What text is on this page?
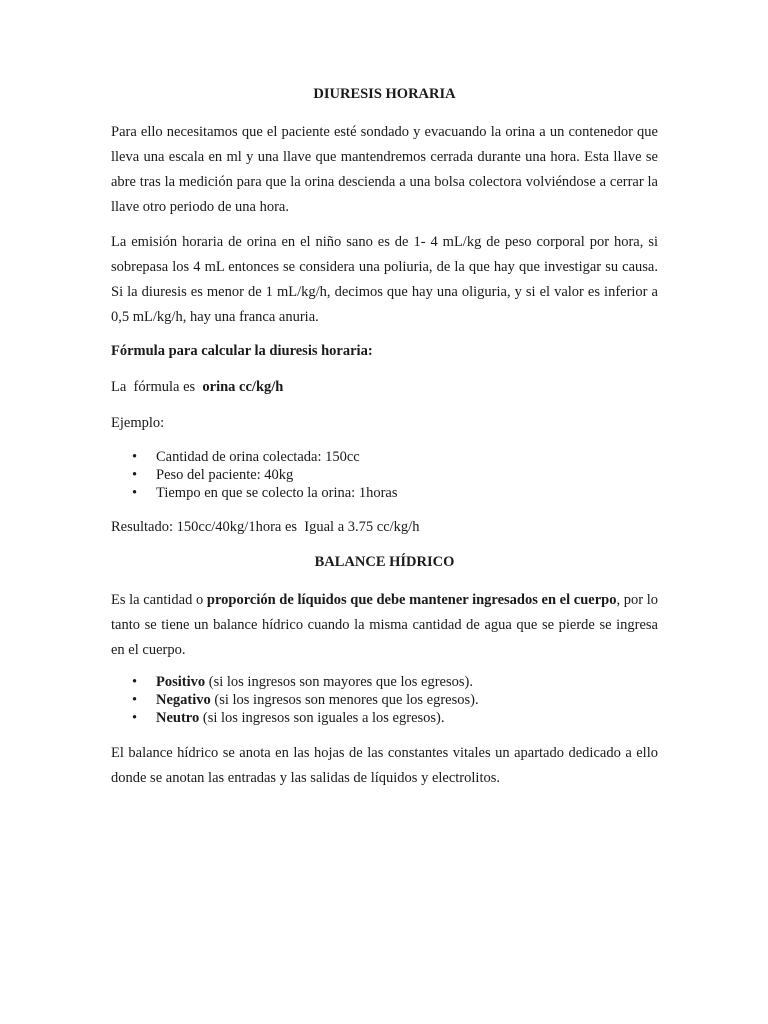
DIURESIS HORARIA

Para ello necesitamos que el paciente esté sondado y evacuando la orina a un contenedor que lleva una escala en ml y una llave que mantendremos cerrada durante una hora. Esta llave se abre tras la medición para que la orina descienda a una bolsa colectora volviéndose a cerrar la llave otro periodo de una hora.

La emisión horaria de orina en el niño sano es de 1- 4 mL/kg de peso corporal por hora, si sobrepasa los 4 mL entonces se considera una poliuria, de la que hay que investigar su causa. Si la diuresis es menor de 1 mL/kg/h, decimos que hay una oliguria, y si el valor es inferior a 0,5 mL/kg/h, hay una franca anuria.

Fórmula para calcular la diuresis horaria:

La  fórmula es  orina cc/kg/h

Ejemplo:

• Cantidad de orina colectada: 150cc
• Peso del paciente: 40kg
• Tiempo en que se colecto la orina: 1horas

Resultado: 150cc/40kg/1hora es  Igual a 3.75 cc/kg/h

BALANCE HÍDRICO

Es la cantidad o proporción de líquidos que debe mantener ingresados en el cuerpo, por lo tanto se tiene un balance hídrico cuando la misma cantidad de agua que se pierde se ingresa en el cuerpo.

• Positivo (si los ingresos son mayores que los egresos).
• Negativo (si los ingresos son menores que los egresos).
• Neutro (si los ingresos son iguales a los egresos).

El balance hídrico se anota en las hojas de las constantes vitales un apartado dedicado a ello donde se anotan las entradas y las salidas de líquidos y electrolitos.
